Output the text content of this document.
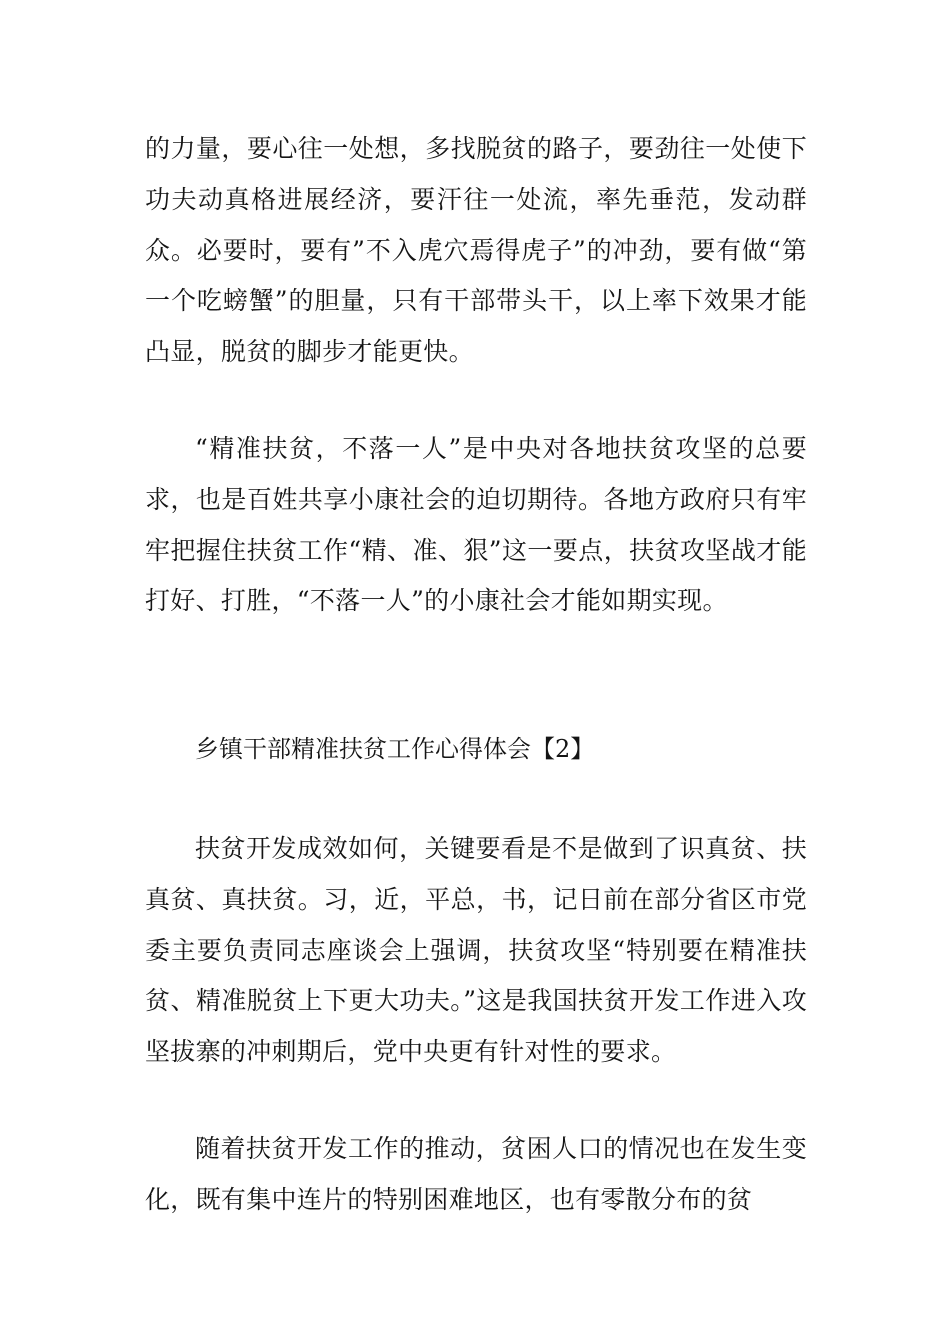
的力量，要心往一处想，多找脱贫的路子，要劲往一处使下功夫动真格进展经济，要汗往一处流，率先垂范，发动群众。必要时，要有”不入虎穴焉得虎子”的冲劲，要有做“第一个吃螃蟹”的胆量，只有干部带头干，以上率下效果才能凸显，脱贫的脚步才能更快。

“精准扶贫，不落一人”是中央对各地扶贫攻坚的总要求，也是百姓共享小康社会的迫切期待。各地方政府只有牢牢把握住扶贫工作“精、准、狠”这一要点，扶贫攻坚战才能打好、打胜，“不落一人”的小康社会才能如期实现。

乡镇干部精准扶贫工作心得体会【2】

扶贫开发成效如何，关键要看是不是做到了识真贫、扶真贫、真扶贫。习，近，平总，书，记日前在部分省区市党委主要负责同志座谈会上强调，扶贫攻坚“特别要在精准扶贫、精准脱贫上下更大功夫。”这是我国扶贫开发工作进入攻坚拔寨的冲刺期后，党中央更有针对性的要求。

随着扶贫开发工作的推动，贫困人口的情况也在发生变化，既有集中连片的特别困难地区，也有零散分布的贫
